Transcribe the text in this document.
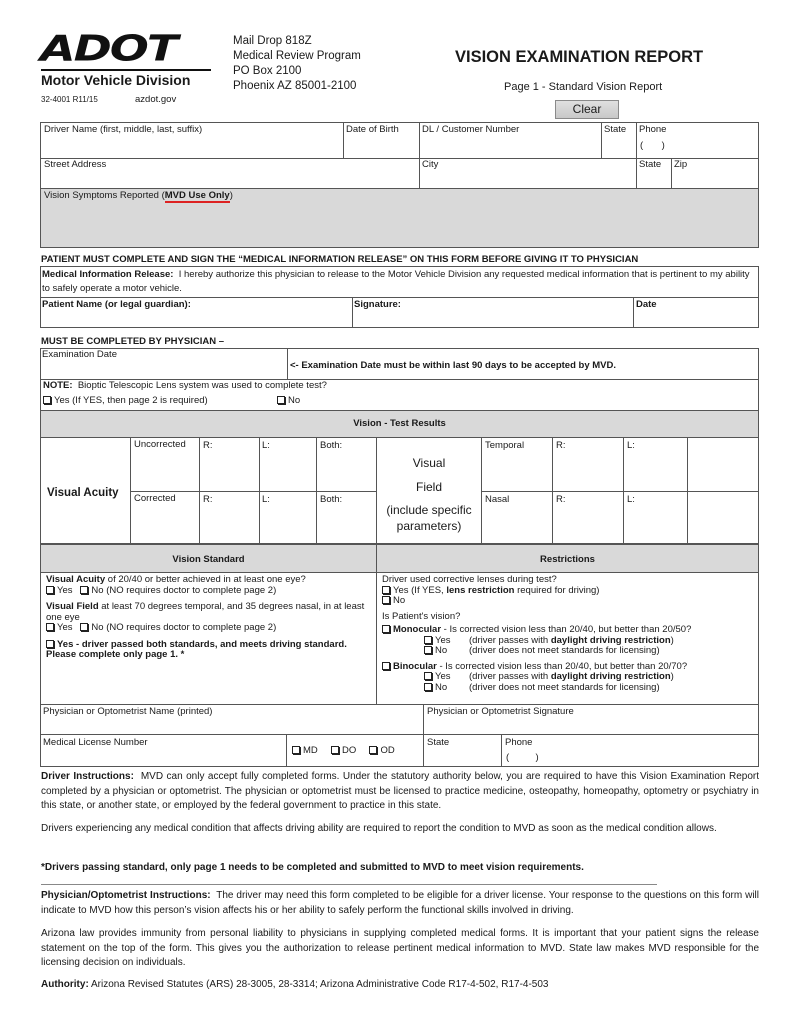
ADOT
Motor Vehicle Division
32-4001 R11/15	azdot.gov
Mail Drop 818Z
Medical Review Program
PO Box 2100
Phoenix AZ 85001-2100
VISION EXAMINATION REPORT
Page 1 - Standard Vision Report
Clear
Driver Name (first, middle, last, suffix)	Date of Birth DL / Customer Number	State Phone
(       )
Street Address	City	State Zip
Vision Symptoms Reported (MVD Use Only)
PATIENT MUST COMPLETE AND SIGN THE “MEDICAL INFORMATION RELEASE” ON THIS FORM BEFORE GIVING IT TO PHYSICIAN
Medical Information Release: I hereby authorize this physician to release to the Motor Vehicle Division any requested medical information that is pertinent to my ability to safely operate a motor vehicle.
Patient Name (or legal guardian):	Signature:	Date
MUST BE COMPLETED BY PHYSICIAN –
Examination Date
<- Examination Date must be within last 90 days to be accepted by MVD.
NOTE: Bioptic Telescopic Lens system was used to complete test?
Yes (If YES, then page 2 is required)	No
Vision - Test Results
Visual Acuity
Uncorrected R:	L:	Both:
Corrected	R:	L:	Both:
Visual
Field
(include specific
parameters)
Temporal	R:	L:
Nasal	R:	L:
Vision Standard	Restrictions
Visual Acuity of 20/40 or better achieved in at least one eye?
Yes No (NO requires doctor to complete page 2)
Visual Field at least 70 degrees temporal, and 35 degrees nasal, in at least one eye
Yes No (NO requires doctor to complete page 2)
Yes - driver passed both standards, and meets driving standard. Please complete only page 1. *
Driver used corrective lenses during test?
Yes (If YES, lens restriction required for driving)
No
Is Patient's vision?
Monocular - Is corrected vision less than 20/40, but better than 20/50?
Yes (driver passes with daylight driving restriction)
No (driver does not meet standards for licensing)
Binocular - Is corrected vision less than 20/40, but better than 20/70?
Yes (driver passes with daylight driving restriction)
No (driver does not meet standards for licensing)
Physician or Optometrist Name (printed)	Physician or Optometrist Signature
Medical License Number
MD	DO	OD
State	Phone
(          )
Driver Instructions: MVD can only accept fully completed forms. Under the statutory authority below, you are required to have this Vision Examination Report completed by a physician or optometrist. The physician or optometrist must be licensed to practice medicine, osteopathy, homeopathy, optometry or psychiatry in this state, or another state, or employed by the federal government to practice in this state.
Drivers experiencing any medical condition that affects driving ability are required to report the condition to MVD as soon as the medical condition allows.
*Drivers passing standard, only page 1 needs to be completed and submitted to MVD to meet vision requirements.
Physician/Optometrist Instructions: The driver may need this form completed to be eligible for a driver license. Your response to the questions on this form will indicate to MVD how this person’s vision affects his or her ability to safely perform the functional skills involved in driving.
Arizona law provides immunity from personal liability to physicians in supplying completed medical forms. It is important that your patient signs the release statement on the top of the form. This gives you the authorization to release pertinent medical information to MVD. State law makes MVD responsible for the licensing decision on individuals.
Authority: Arizona Revised Statutes (ARS) 28-3005, 28-3314; Arizona Administrative Code R17-4-502, R17-4-503
